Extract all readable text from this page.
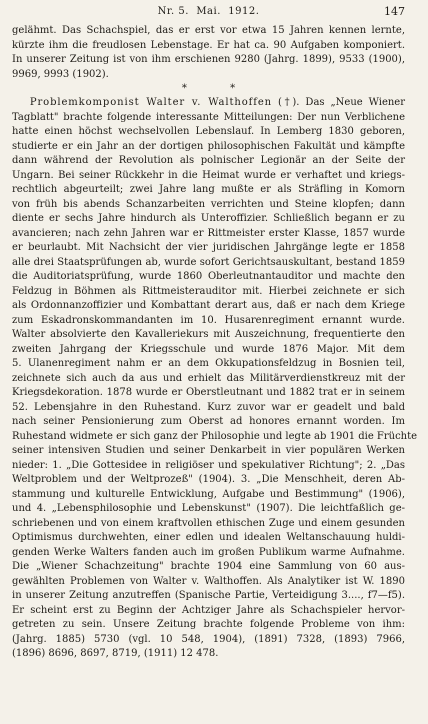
Nr. 5. Mai. 1912.	147

gelähmt. Das Schachspiel, das er erst vor etwa 15 Jahren kennen lernte,
kürzte ihm die freudlosen Lebenstage. Er hat ca. 90 Aufgaben komponiert.
In unserer Zeitung ist von ihm erschienen 9280 (Jahrg. 1899), 9533 (1900),
9969, 9993 (1902).

* *

Problemkomponist Walter v. Walthoffen (†). Das „Neue Wiener
Tagblatt" brachte folgende interessante Mitteilungen: Der nun Verblichene
hatte einen höchst wechselvollen Lebenslauf. In Lemberg 1830 geboren,
studierte er ein Jahr an der dortigen philosophischen Fakultät und kämpfte
dann während der Revolution als polnischer Legionär an der Seite der
Ungarn. Bei seiner Rückkehr in die Heimat wurde er verhaftet und kriegs-
rechtlich abgeurteilt; zwei Jahre lang mußte er als Sträfling in Komorn
von früh bis abends Schanzarbeiten verrichten und Steine klopfen; dann
diente er sechs Jahre hindurch als Unteroffizier. Schließlich begann er zu
avancieren; nach zehn Jahren war er Rittmeister erster Klasse, 1857 wurde
er beurlaubt. Mit Nachsicht der vier juridischen Jahrgänge legte er 1858
alle drei Staatsprüfungen ab, wurde sofort Gerichtsauskultant, bestand 1859
die Auditoriatsprüfung, wurde 1860 Oberleutnantauditor und machte den
Feldzug in Böhmen als Rittmeisterauditor mit. Hierbei zeichnete er sich
als Ordonnanzoffizier und Kombattant derart aus, daß er nach dem Kriege
zum Eskadronskommandanten im 10. Husarenregiment ernannt wurde.
Walter absolvierte den Kavalleriekurs mit Auszeichnung, frequentierte den
zweiten Jahrgang der Kriegsschule und wurde 1876 Major. Mit dem
5. Ulanenregiment nahm er an dem Okkupationsfeldzug in Bosnien teil,
zeichnete sich auch da aus und erhielt das Militärverdienstkreuz mit der
Kriegsdekoration. 1878 wurde er Oberstleutnant und 1882 trat er in seinem
52. Lebensjahre in den Ruhestand. Kurz zuvor war er geadelt und bald
nach seiner Pensionierung zum Oberst ad honores ernannt worden. Im
Ruhestand widmete er sich ganz der Philosophie und legte ab 1901 die Früchte
seiner intensiven Studien und seiner Denkarbeit in vier populären Werken
nieder: 1. „Die Gottesidee in religiöser und spekulativer Richtung"; 2. „Das
Weltproblem und der Weltprozeß" (1904). 3. „Die Menschheit, deren Ab-
stammung und kulturelle Entwicklung, Aufgabe und Bestimmung" (1906),
und 4. „Lebensphilosophie und Lebenskunst" (1907). Die leichtfaßlich ge-
schriebenen und von einem kraftvollen ethischen Zuge und einem gesunden
Optimismus durchwehten, einer edlen und idealen Weltanschauung huldi-
genden Werke Walters fanden auch im großen Publikum warme Aufnahme.
Die „Wiener Schachzeitung" brachte 1904 eine Sammlung von 60 aus-
gewählten Problemen von Walter v. Walthoffen. Als Analytiker ist W. 1890
in unserer Zeitung anzutreffen (Spanische Partie, Verteidigung 3...., f7—f5).
Er scheint erst zu Beginn der Achtziger Jahre als Schachspieler hervor-
getreten zu sein. Unsere Zeitung brachte folgende Probleme von ihm:
(Jahrg. 1885) 5730 (vgl. 10 548, 1904), (1891) 7328, (1893) 7966,
(1896) 8696, 8697, 8719, (1911) 12 478.
